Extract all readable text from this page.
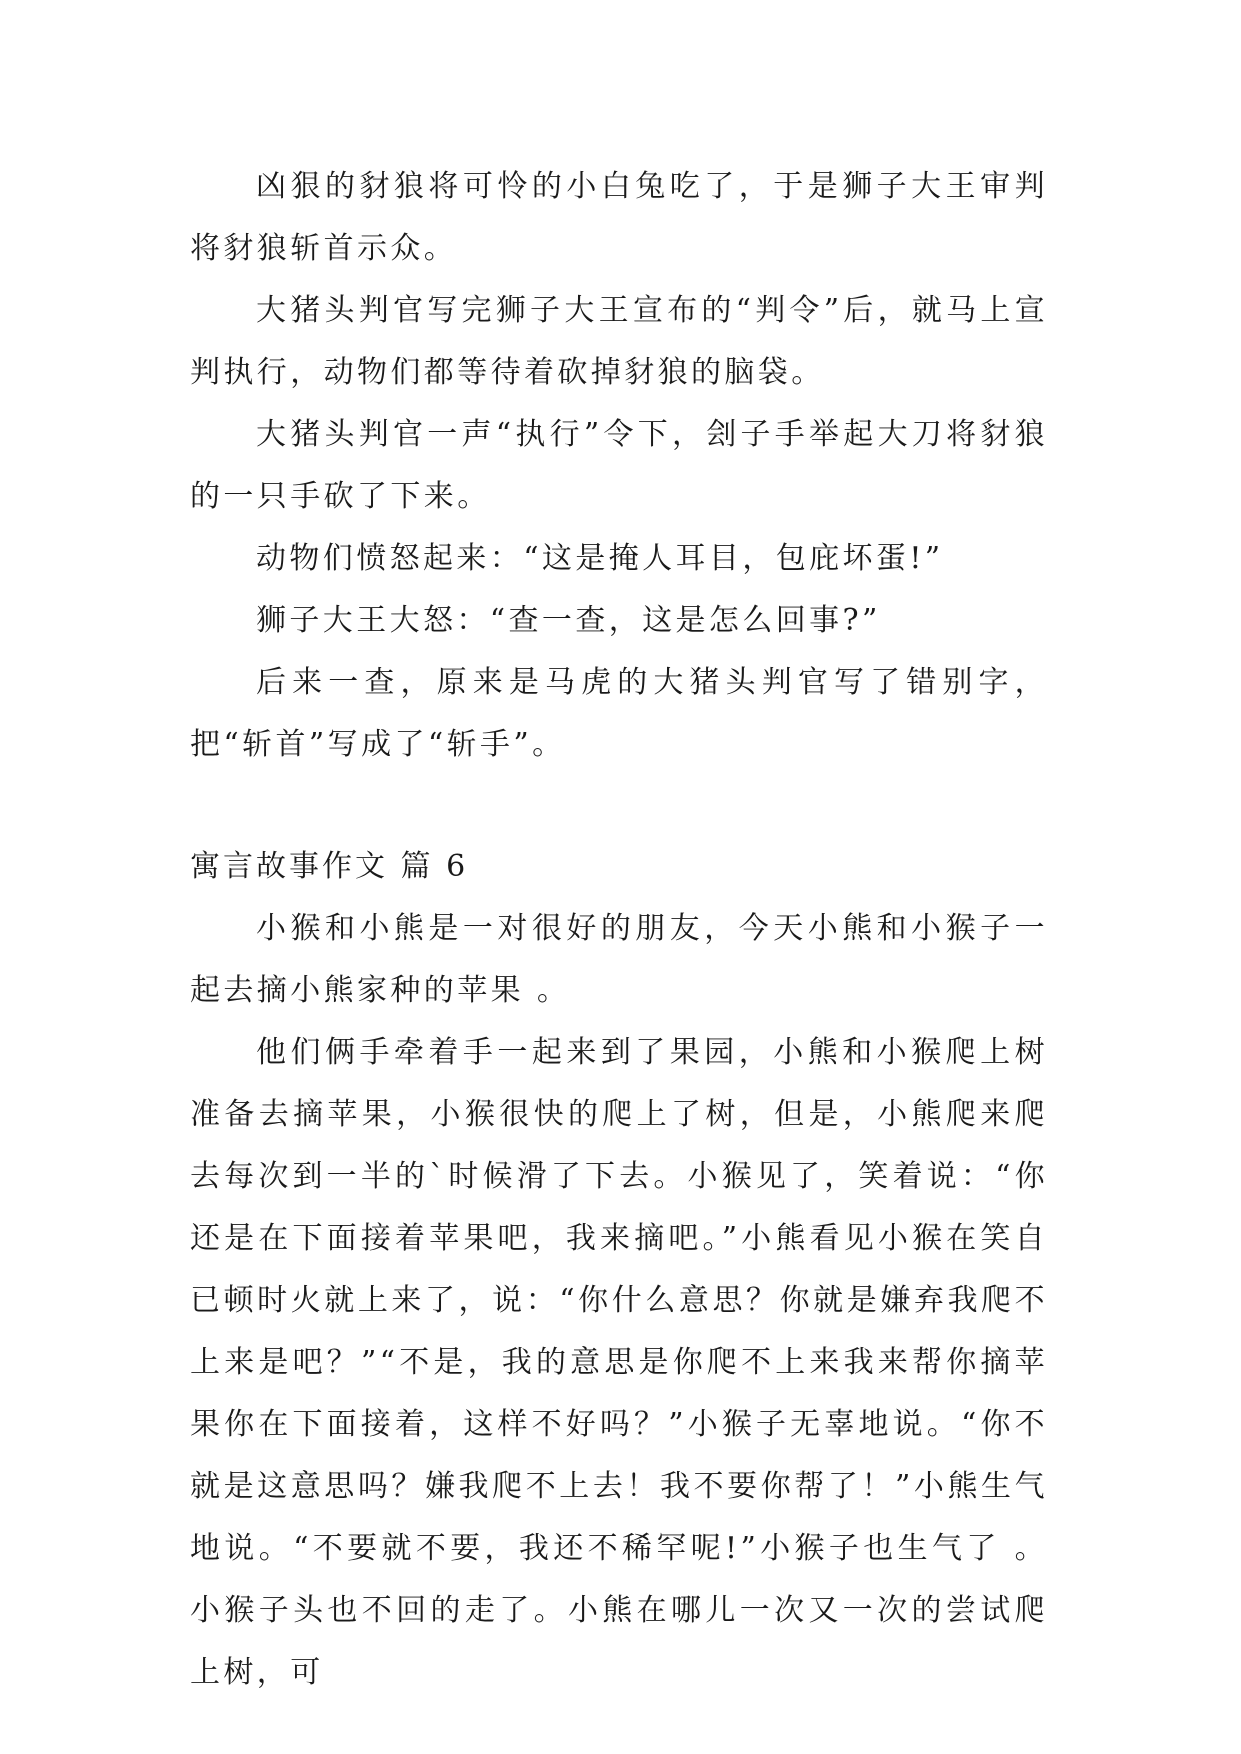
凶狠的豺狼将可怜的小白兔吃了，于是狮子大王审判将豺狼斩首示众。

大猪头判官写完狮子大王宣布的“判令”后，就马上宣判执行，动物们都等待着砍掉豺狼的脑袋。

大猪头判官一声“执行”令下，刽子手举起大刀将豺狼的一只手砍了下来。

动物们愤怒起来：“这是掩人耳目，包庇坏蛋!”

狮子大王大怒：“查一查，这是怎么回事?”

后来一查，原来是马虎的大猪头判官写了错别字，把“斩首”写成了“斩手”。

寓言故事作文 篇 6

小猴和小熊是一对很好的朋友，今天小熊和小猴子一起去摘小熊家种的苹果 。

他们俩手牵着手一起来到了果园，小熊和小猴爬上树准备去摘苹果，小猴很快的爬上了树，但是，小熊爬来爬去每次到一半的`时候滑了下去。小猴见了，笑着说：“你还是在下面接着苹果吧，我来摘吧。”小熊看见小猴在笑自已顿时火就上来了，说：“你什么意思？你就是嫌弃我爬不上来是吧？”“不是，我的意思是你爬不上来我来帮你摘苹果你在下面接着，这样不好吗？”小猴子无辜地说。“你不就是这意思吗？嫌我爬不上去！我不要你帮了！”小熊生气地说。“不要就不要，我还不稀罕呢!”小猴子也生气了 。小猴子头也不回的走了。小熊在哪儿一次又一次的尝试爬上树，可
